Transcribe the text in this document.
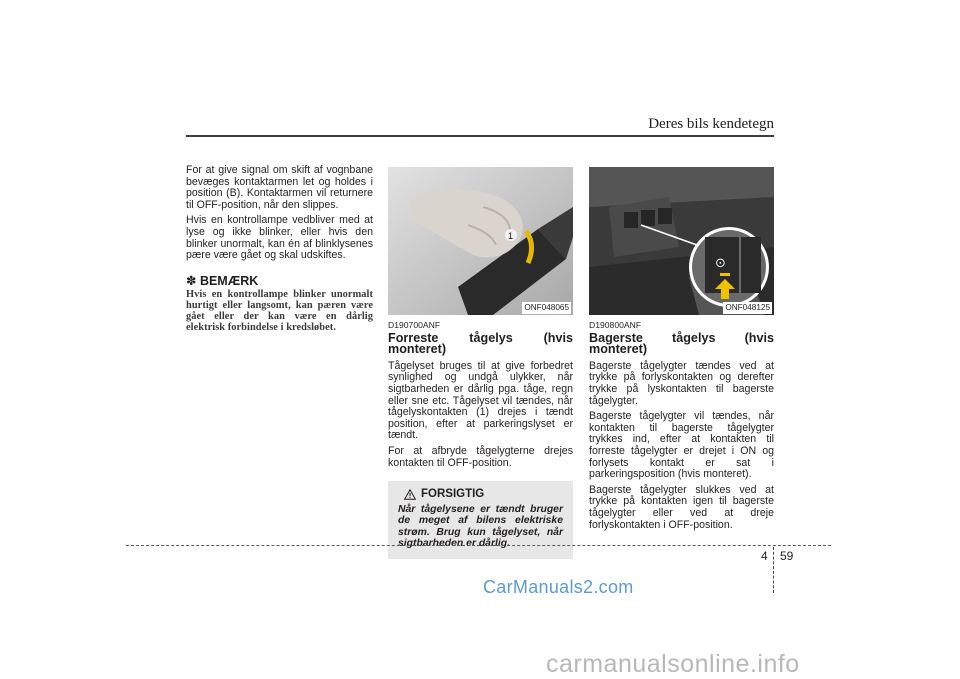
Deres bils kendetegn

For at give signal om skift af vognbane bevæges kontaktarmen let og holdes i position (B). Kontaktarmen vil returnere til OFF-position, når den slippes.

Hvis en kontrollampe vedbliver med at lyse og ikke blinker, eller hvis den blinker unormalt, kan én af blinklysenes pære være gået og skal udskiftes.

✽ BEMÆRK
Hvis en kontrollampe blinker unormalt hurtigt eller langsomt, kan pæren være gået eller der kan være en dårlig elektrisk forbindelse i kredsløbet.
1
ONF048065
D190700ANF
Forreste tågelys (hvis monteret)

Tågelyset bruges til at give forbedret synlighed og undgå ulykker, når sigtbarheden er dårlig pga. tåge, regn eller sne etc. Tågelyset vil tændes, når tågelyskontakten (1) drejes i tændt position, efter at parkeringslyset er tændt.

For at afbryde tågelygterne drejes kontakten til OFF-position.

FORSIGTIG
Når tågelysene er tændt bruger de meget af bilens elektriske strøm. Brug kun tågelyset, når sigtbarheden er dårlig.
⊙
ONF048125
D190800ANF
Bagerste tågelys (hvis monteret)

Bagerste tågelygter tændes ved at trykke på forlyskontakten og derefter trykke på lyskontakten til bagerste tågelygter.

Bagerste tågelygter vil tændes, når kontakten til bagerste tågelygter trykkes ind, efter at kontakten til forreste tågelygter er drejet i ON og forlysets kontakt er sat i parkeringsposition (hvis monteret).

Bagerste tågelygter slukkes ved at trykke på kontakten igen til bagerste tågelygter eller ved at dreje forlyskontakten i OFF-position.

4 59
CarManuals2.com
carmanualsonline.info
